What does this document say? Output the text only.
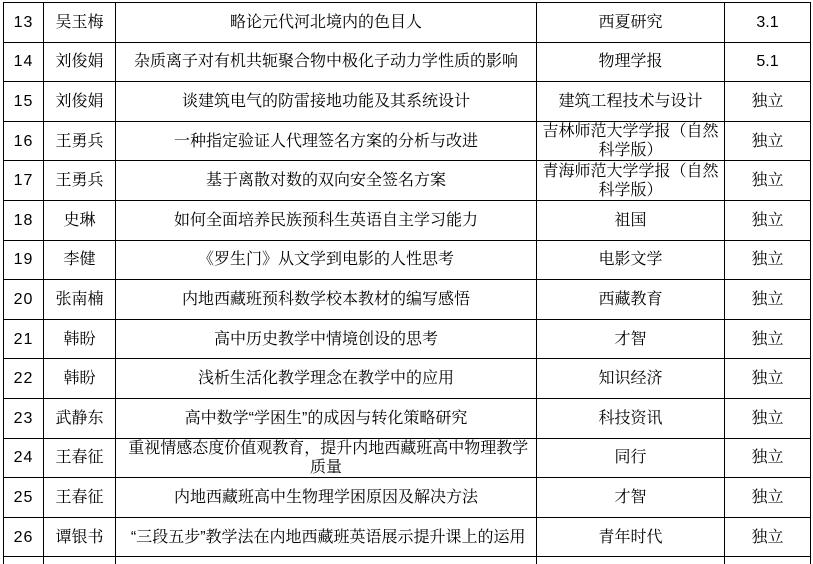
13	吴玉梅	略论元代河北境内的色目人	西夏研究	3.1
14	刘俊娟	杂质离子对有机共轭聚合物中极化子动力学性质的影响	物理学报	5.1
15	刘俊娟	谈建筑电气的防雷接地功能及其系统设计	建筑工程技术与设计	独立
16	王勇兵	一种指定验证人代理签名方案的分析与改进	吉林师范大学学报（自然科学版）	独立
17	王勇兵	基于离散对数的双向安全签名方案	青海师范大学学报（自然科学版）	独立
18	史琳	如何全面培养民族预科生英语自主学习能力	祖国	独立
19	李健	《罗生门》从文学到电影的人性思考	电影文学	独立
20	张南楠	内地西藏班预科数学校本教材的编写感悟	西藏教育	独立
21	韩盼	高中历史教学中情境创设的思考	才智	独立
22	韩盼	浅析生活化教学理念在教学中的应用	知识经济	独立
23	武静东	高中数学“学困生”的成因与转化策略研究	科技资讯	独立
24	王春征	重视情感态度价值观教育，提升内地西藏班高中物理教学质量	同行	独立
25	王春征	内地西藏班高中生物理学困原因及解决方法	才智	独立
26	谭银书	“三段五步”教学法在内地西藏班英语展示提升课上的运用	青年时代	独立
